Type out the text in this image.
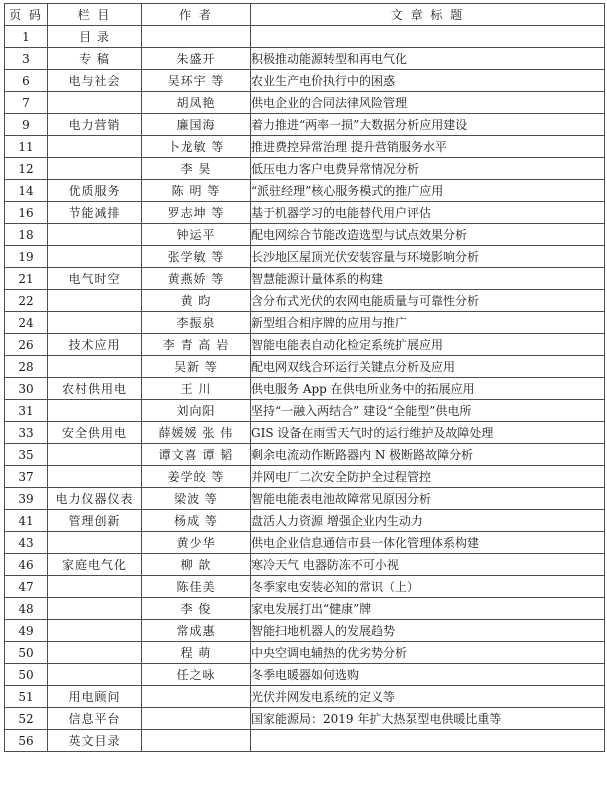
页 码	栏 目	作 者	文 章 标 题
1	目 录		
3	专 稿	朱盛开	积极推动能源转型和再电气化
6	电与社会	吴环宇 等	农业生产电价执行中的困惑
7		胡凤艳	供电企业的合同法律风险管理
9	电力营销	廉国海	着力推进“两率一损”大数据分析应用建设
11		卜龙敏 等	推进费控异常治理 提升营销服务水平
12		李 昊	低压电力客户电费异常情况分析
14	优质服务	陈 明 等	“派驻经理”核心服务模式的推广应用
16	节能减排	罗志坤 等	基于机器学习的电能替代用户评估
18		钟运平	配电网综合节能改造选型与试点效果分析
19		张学敏 等	长沙地区屋顶光伏安装容量与环境影响分析
21	电气时空	黄燕娇 等	智慧能源计量体系的构建
22		黄 昀	含分布式光伏的农网电能质量与可靠性分析
24		李振泉	新型组合相序牌的应用与推广
26	技术应用	李 青 高 岩	智能电能表自动化检定系统扩展应用
28		吴新 等	配电网双线合环运行关键点分析及应用
30	农村供用电	王 川	供电服务 App 在供电所业务中的拓展应用
31		刘向阳	坚持“一融入两结合” 建设“全能型”供电所
33	安全供用电	薛媛媛 张 伟	GIS 设备在雨雪天气时的运行维护及故障处理
35		谭文喜 谭 韬	剩余电流动作断路器内 N 极断路故障分析
37		姜学皎 等	并网电厂二次安全防护全过程管控
39	电力仪器仪表	梁波 等	智能电能表电池故障常见原因分析
41	管理创新	杨成 等	盘活人力资源 增强企业内生动力
43		黄少华	供电企业信息通信市县一体化管理体系构建
46	家庭电气化	柳 歆	寒冷天气 电器防冻不可小视
47		陈佳美	冬季家电安装必知的常识（上）
48		李 俊	家电发展打出“健康”牌
49		常成惠	智能扫地机器人的发展趋势
50		程 萌	中央空调电辅热的优劣势分析
50		任之咏	冬季电暖器如何选购
51	用电顾问		光伏并网发电系统的定义等
52	信息平台		国家能源局：2019 年扩大热泵型电供暖比重等
56	英文目录		
